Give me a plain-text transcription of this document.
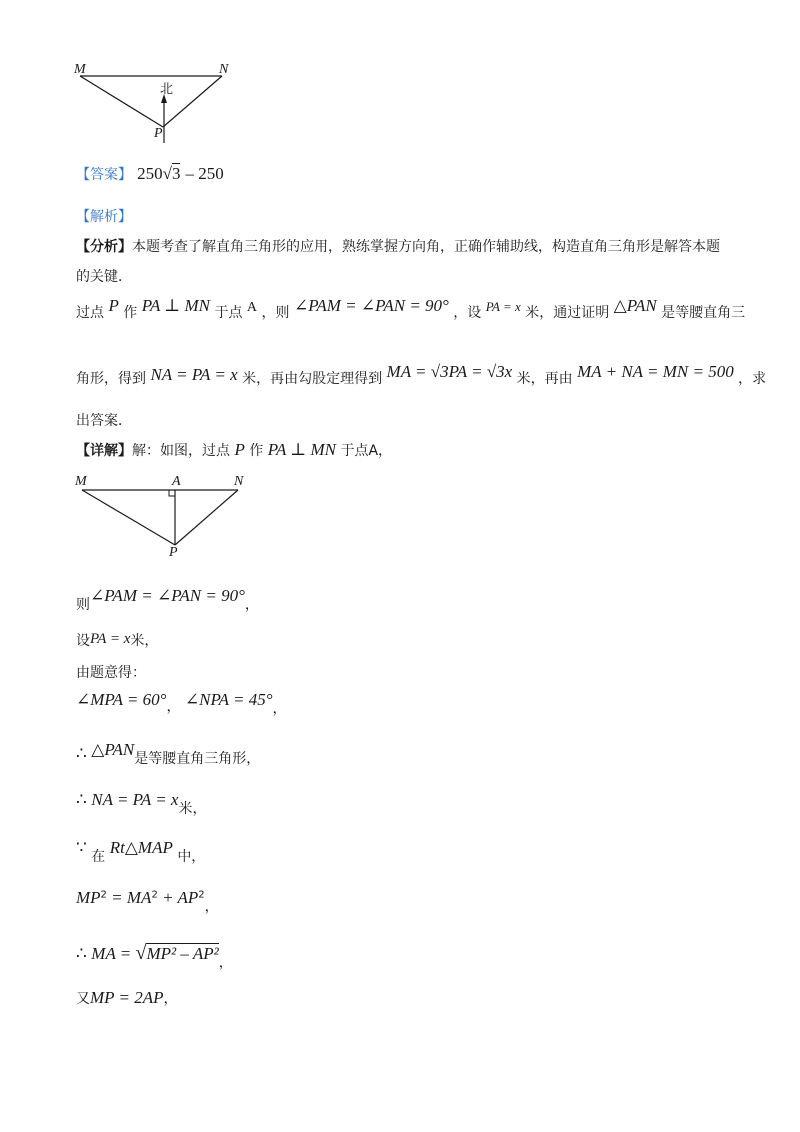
M	N
P
北
【答案】 250√3 – 250
【解析】
【分析】本题考查了解直角三角形的应用，熟练掌握方向角，正确作辅助线，构造直角三角形是解答本题
的关键．
过点 P 作 PA ⊥ MN 于点 A ，则 ∠PAM = ∠PAN = 90° ，设 PA = x 米，通过证明 △PAN 是等腰直角三
角形，得到 NA = PA = x 米，再由勾股定理得到 MA = √3PA = √3x 米，再由 MA + NA = MN = 500 ，求
出答案．
【详解】解：如图，过点 P 作 PA ⊥ MN 于点A，
M	A	N
P
则∠PAM = ∠PAN = 90°，
设PA = x米，
由题意得：
∠MPA = 60°， ∠NPA = 45°，
∴ △PAN是等腰直角三角形，
∴ NA = PA = x米，
∵ 在 Rt△MAP 中，
$MP^2 = MA^2 + AP^2$，
∴ MA = √MP² – AP²，
又MP = 2AP，
